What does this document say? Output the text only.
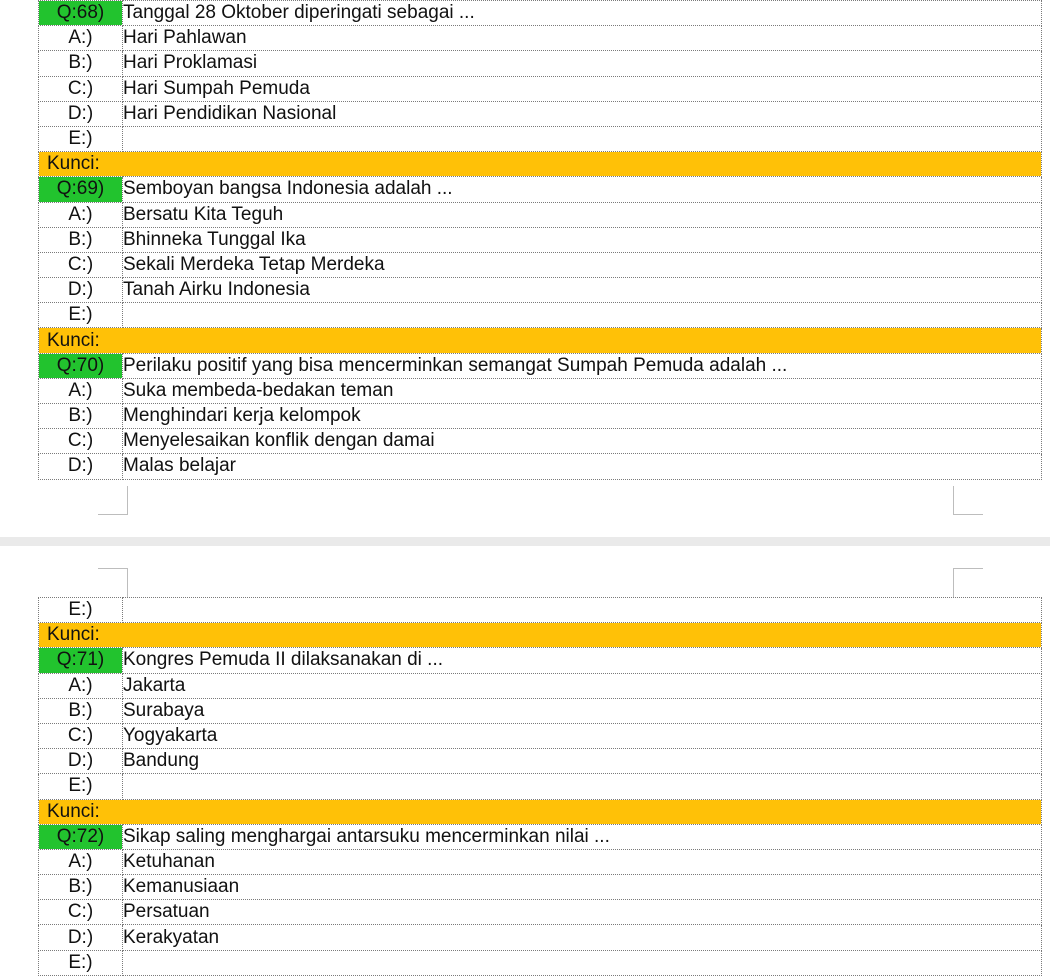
Q:68)	Tanggal 28 Oktober diperingati sebagai ...
A:)	Hari Pahlawan
B:)	Hari Proklamasi
C:)	Hari Sumpah Pemuda
D:)	Hari Pendidikan Nasional
E:)	
Kunci:	
Q:69)	Semboyan bangsa Indonesia adalah ...
A:)	Bersatu Kita Teguh
B:)	Bhinneka Tunggal Ika
C:)	Sekali Merdeka Tetap Merdeka
D:)	Tanah Airku Indonesia
E:)	
Kunci:	
Q:70)	Perilaku positif yang bisa mencerminkan semangat Sumpah Pemuda adalah ...
A:)	Suka membeda-bedakan teman
B:)	Menghindari kerja kelompok
C:)	Menyelesaikan konflik dengan damai
D:)	Malas belajar
E:)	
Kunci:	
Q:71)	Kongres Pemuda II dilaksanakan di ...
A:)	Jakarta
B:)	Surabaya
C:)	Yogyakarta
D:)	Bandung
E:)	
Kunci:	
Q:72)	Sikap saling menghargai antarsuku mencerminkan nilai ...
A:)	Ketuhanan
B:)	Kemanusiaan
C:)	Persatuan
D:)	Kerakyatan
E:)	
